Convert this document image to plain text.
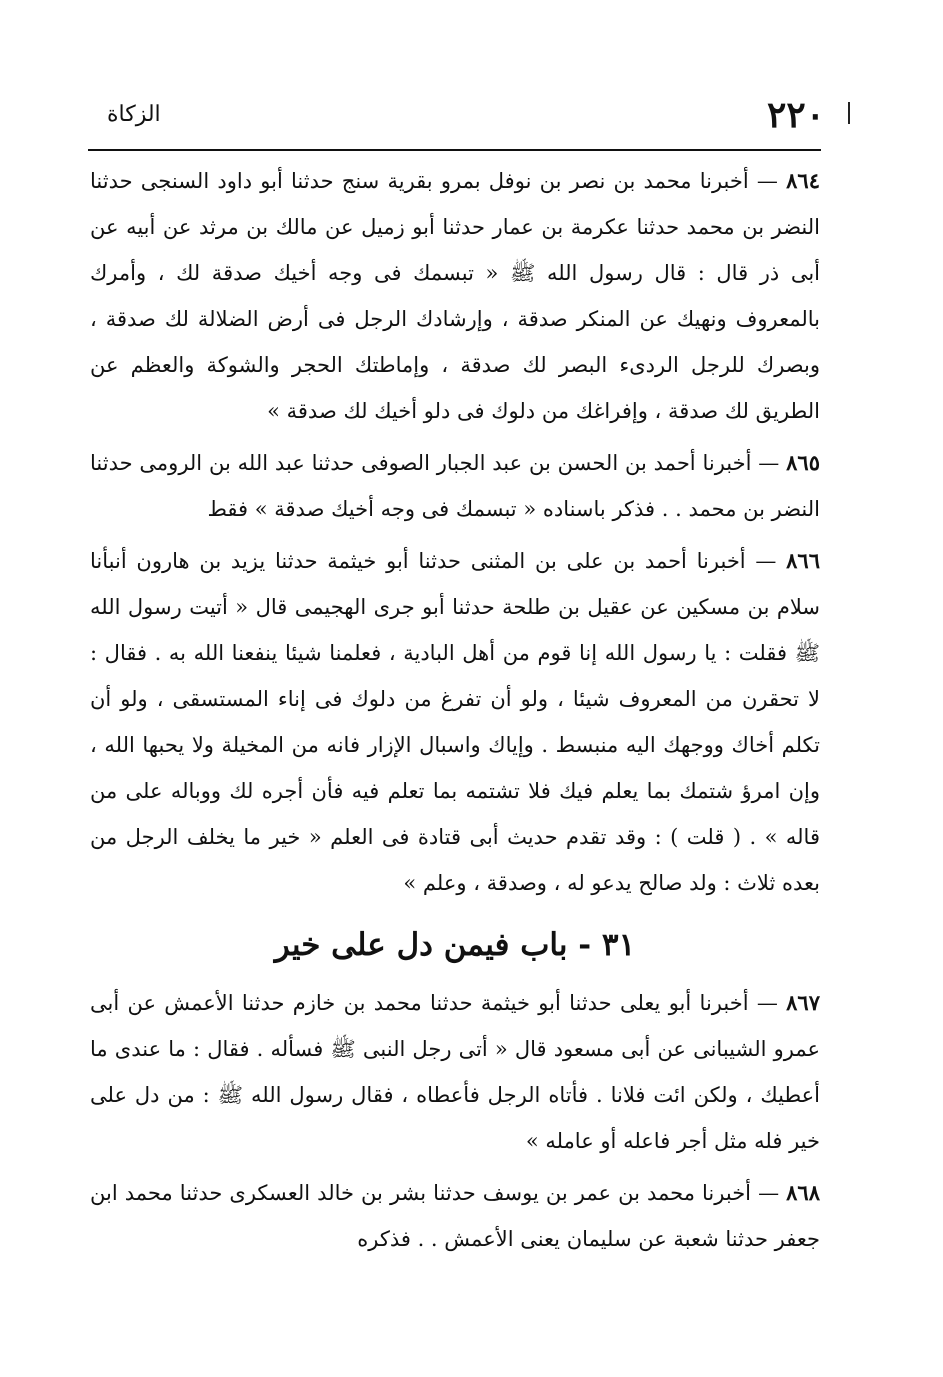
٢٢٠
الزكاة

٨٦٤ — أخبرنا محمد بن نصر بن نوفل بمرو بقرية سنج حدثنا أبو داود السنجى حدثنا النضر بن محمد حدثنا عكرمة بن عمار حدثنا أبو زميل عن مالك بن مرثد عن أبيه عن أبى ذر قال : قال رسول الله ﷺ « تبسمك فى وجه أخيك صدقة لك ، وأمرك بالمعروف ونهيك عن المنكر صدقة ، وإرشادك الرجل فى أرض الضلالة لك صدقة ، وبصرك للرجل الردىء البصر لك صدقة ، وإماطتك الحجر والشوكة والعظم عن الطريق لك صدقة ، وإفراغك من دلوك فى دلو أخيك لك صدقة »

٨٦٥ — أخبرنا أحمد بن الحسن بن عبد الجبار الصوفى حدثنا عبد الله بن الرومى حدثنا النضر بن محمد . . فذكر باسناده « تبسمك فى وجه أخيك صدقة » فقط

٨٦٦ — أخبرنا أحمد بن على بن المثنى حدثنا أبو خيثمة حدثنا يزيد بن هارون أنبأنا سلام بن مسكين عن عقيل بن طلحة حدثنا أبو جرى الهجيمى قال « أتيت رسول الله ﷺ فقلت : يا رسول الله إنا قوم من أهل البادية ، فعلمنا شيئا ينفعنا الله به . فقال : لا تحقرن من المعروف شيئا ، ولو أن تفرغ من دلوك فى إناء المستسقى ، ولو أن تكلم أخاك ووجهك اليه منبسط . وإياك واسبال الإزار فانه من المخيلة ولا يحبها الله ، وإن امرؤ شتمك بما يعلم فيك فلا تشتمه بما تعلم فيه فأن أجره لك ووباله على من قاله » . ( قلت ) : وقد تقدم حديث أبى قتادة فى العلم « خير ما يخلف الرجل من بعده ثلاث : ولد صالح يدعو له ، وصدقة ، وعلم »

٣١ - باب فيمن دل على خير

٨٦٧ — أخبرنا أبو يعلى حدثنا أبو خيثمة حدثنا محمد بن خازم حدثنا الأعمش عن أبى عمرو الشيبانى عن أبى مسعود قال « أتى رجل النبى ﷺ فسأله . فقال : ما عندى ما أعطيك ، ولكن ائت فلانا . فأتاه الرجل فأعطاه ، فقال رسول الله ﷺ : من دل على خير فله مثل أجر فاعله أو عامله »

٨٦٨ — أخبرنا محمد بن عمر بن يوسف حدثنا بشر بن خالد العسكرى حدثنا محمد ابن جعفر حدثنا شعبة عن سليمان يعنى الأعمش . . فذكره
